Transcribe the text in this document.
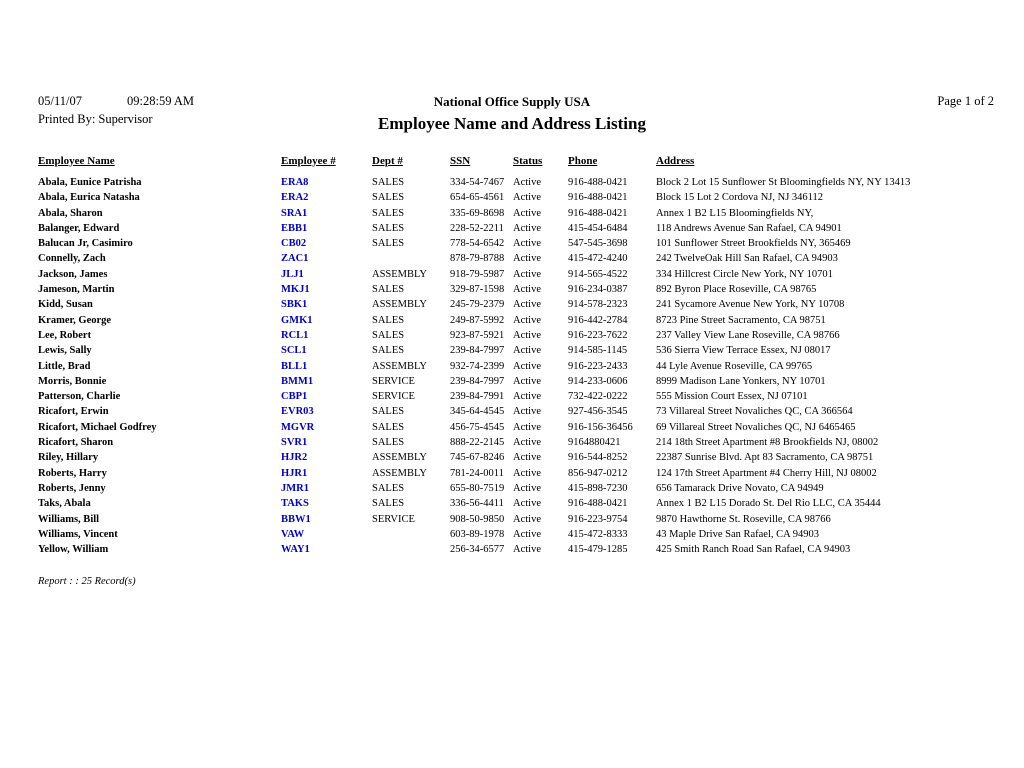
05/11/07	09:28:59 AM
Printed By: Supervisor
National Office Supply USA
Employee Name and Address Listing
Page 1 of 2
Employee Name	Employee #	Dept #	SSN	Status	Phone	Address
Abala, Eunice Patrisha	ERA8	SALES	334-54-7467	Active	916-488-0421	Block 2 Lot 15 Sunflower St Bloomingfields NY, NY 13413
Abala, Eurica Natasha	ERA2	SALES	654-65-4561	Active	916-488-0421	Block 15 Lot 2 Cordova NJ, NJ 346112
Abala, Sharon	SRA1	SALES	335-69-8698	Active	916-488-0421	Annex 1 B2 L15 Bloomingfields NY,
Balanger, Edward	EBB1	SALES	228-52-2211	Active	415-454-6484	118 Andrews Avenue San Rafael, CA 94901
Balucan Jr, Casimiro	CB02	SALES	778-54-6542	Active	547-545-3698	101 Sunflower Street Brookfields NY, 365469
Connelly, Zach	ZAC1		878-79-8788	Active	415-472-4240	242 TwelveOak Hill San Rafael, CA 94903
Jackson, James	JLJ1	ASSEMBLY	918-79-5987	Active	914-565-4522	334 Hillcrest Circle New York, NY 10701
Jameson, Martin	MKJ1	SALES	329-87-1598	Active	916-234-0387	892 Byron Place Roseville, CA 98765
Kidd, Susan	SBK1	ASSEMBLY	245-79-2379	Active	914-578-2323	241 Sycamore Avenue New York, NY 10708
Kramer, George	GMK1	SALES	249-87-5992	Active	916-442-2784	8723 Pine Street Sacramento, CA 98751
Lee, Robert	RCL1	SALES	923-87-5921	Active	916-223-7622	237 Valley View Lane Roseville, CA 98766
Lewis, Sally	SCL1	SALES	239-84-7997	Active	914-585-1145	536 Sierra View Terrace Essex, NJ 08017
Little, Brad	BLL1	ASSEMBLY	932-74-2399	Active	916-223-2433	44 Lyle Avenue Roseville, CA 99765
Morris, Bonnie	BMM1	SERVICE	239-84-7997	Active	914-233-0606	8999 Madison Lane Yonkers, NY 10701
Patterson, Charlie	CBP1	SERVICE	239-84-7991	Active	732-422-0222	555 Mission Court Essex, NJ 07101
Ricafort, Erwin	EVR03	SALES	345-64-4545	Active	927-456-3545	73 Villareal Street Novaliches QC, CA 366564
Ricafort, Michael Godfrey	MGVR	SALES	456-75-4545	Active	916-156-36456	69 Villareal Street Novaliches QC, NJ 6465465
Ricafort, Sharon	SVR1	SALES	888-22-2145	Active	9164880421	214 18th Street Apartment #8 Brookfields NJ, 08002
Riley, Hillary	HJR2	ASSEMBLY	745-67-8246	Active	916-544-8252	22387 Sunrise Blvd. Apt 83 Sacramento, CA 98751
Roberts, Harry	HJR1	ASSEMBLY	781-24-0011	Active	856-947-0212	124 17th Street Apartment #4 Cherry Hill, NJ 08002
Roberts, Jenny	JMR1	SALES	655-80-7519	Active	415-898-7230	656 Tamarack Drive Novato, CA 94949
Taks, Abala	TAKS	SALES	336-56-4411	Active	916-488-0421	Annex 1 B2 L15 Dorado St. Del Rio LLC, CA 35444
Williams, Bill	BBW1	SERVICE	908-50-9850	Active	916-223-9754	9870 Hawthorne St. Roseville, CA 98766
Williams, Vincent	VAW		603-89-1978	Active	415-472-8333	43 Maple Drive San Rafael, CA 94903
Yellow, William	WAY1		256-34-6577	Active	415-479-1285	425 Smith Ranch Road San Rafael, CA 94903
Report : : 25 Record(s)
